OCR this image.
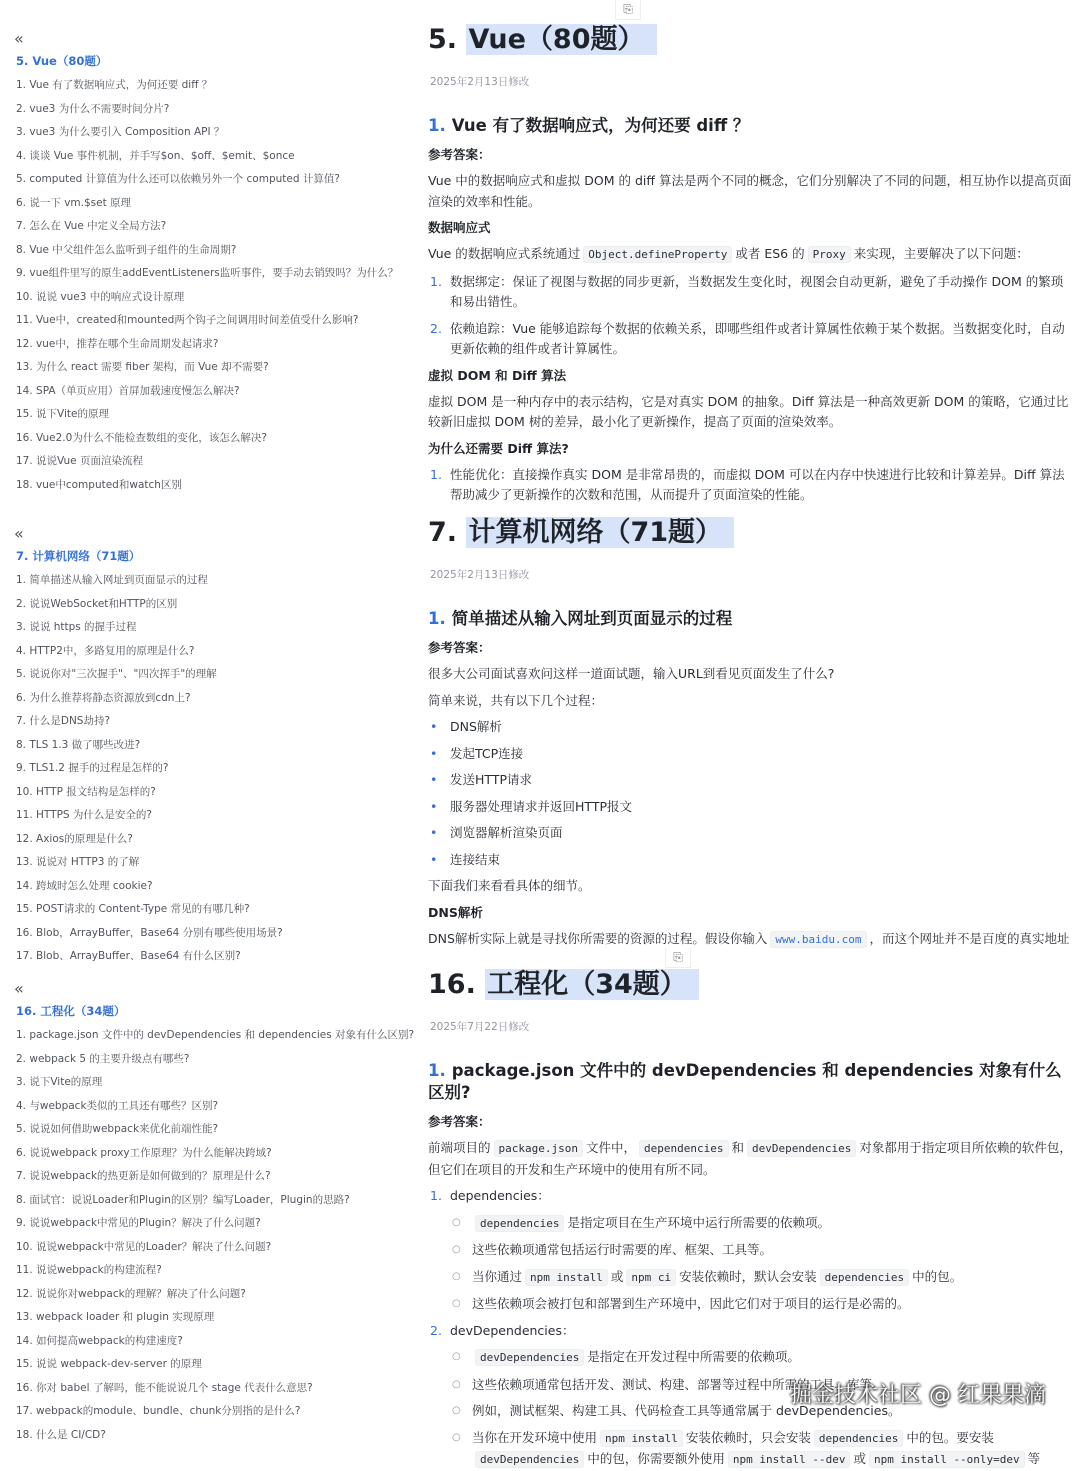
«
5. Vue（80题）
1. Vue 有了数据响应式，为何还要 diff ？
2. vue3 为什么不需要时间分片?
3. vue3 为什么要引入 Composition API ？
4. 谈谈 Vue 事件机制，并手写$on、$off、$emit、$once
5. computed 计算值为什么还可以依赖另外一个 computed 计算值?
6. 说一下 vm.$set 原理
7. 怎么在 Vue 中定义全局方法?
8. Vue 中父组件怎么监听到子组件的生命周期?
9. vue组件里写的原生addEventListeners监听事件，要手动去销毁吗？为什么？
10. 说说 vue3 中的响应式设计原理
11. Vue中，created和mounted两个钩子之间调用时间差值受什么影响?
12. vue中，推荐在哪个生命周期发起请求?
13. 为什么 react 需要 fiber 架构，而 Vue 却不需要?
14. SPA（单页应用）首屏加载速度慢怎么解决?
15. 说下Vite的原理
16. Vue2.0为什么不能检查数组的变化，该怎么解决?
17. 说说Vue 页面渲染流程
18. vue中computed和watch区别
«
7. 计算机网络（71题）
1. 简单描述从输入网址到页面显示的过程
2. 说说WebSocket和HTTP的区别
3. 说说 https 的握手过程
4. HTTP2中，多路复用的原理是什么?
5. 说说你对"三次握手"、"四次挥手"的理解
6. 为什么推荐将静态资源放到cdn上?
7. 什么是DNS劫持?
8. TLS 1.3 做了哪些改进?
9. TLS1.2 握手的过程是怎样的?
10. HTTP 报文结构是怎样的?
11. HTTPS 为什么是安全的?
12. Axios的原理是什么?
13. 说说对 HTTP3 的了解
14. 跨域时怎么处理 cookie?
15. POST请求的 Content-Type 常见的有哪几种?
16. Blob，ArrayBuffer，Base64 分别有哪些使用场景?
17. Blob、ArrayBuffer、Base64 有什么区别?
«
16. 工程化（34题）
1. package.json 文件中的 devDependencies 和 dependencies 对象有什么区别?
2. webpack 5 的主要升级点有哪些?
3. 说下Vite的原理
4. 与webpack类似的工具还有哪些？区别?
5. 说说如何借助webpack来优化前端性能?
6. 说说webpack proxy工作原理？为什么能解决跨域?
7. 说说webpack的热更新是如何做到的？原理是什么?
8. 面试官：说说Loader和Plugin的区别？编写Loader，Plugin的思路?
9. 说说webpack中常见的Plugin？解决了什么问题?
10. 说说webpack中常见的Loader？解决了什么问题?
11. 说说webpack的构建流程?
12. 说说你对webpack的理解？解决了什么问题?
13. webpack loader 和 plugin 实现原理
14. 如何提高webpack的构建速度?
15. 说说 webpack-dev-server 的原理
16. 你对 babel 了解吗，能不能说说几个 stage 代表什么意思?
17. webpack的module、bundle、chunk分别指的是什么?
18. 什么是 CI/CD?
⎘
⎘
5. Vue（80题）
2025年2月13日修改
1. Vue 有了数据响应式，为何还要 diff ？
参考答案：
Vue 中的数据响应式和虚拟 DOM 的 diff 算法是两个不同的概念，它们分别解决了不同的问题，相互协作以提高页面渲染的效率和性能。
数据响应式
Vue 的数据响应式系统通过 Object.defineProperty 或者 ES6 的 Proxy 来实现，主要解决了以下问题：
1. 数据绑定：保证了视图与数据的同步更新，当数据发生变化时，视图会自动更新，避免了手动操作 DOM 的繁琐和易出错性。
2. 依赖追踪：Vue 能够追踪每个数据的依赖关系，即哪些组件或者计算属性依赖于某个数据。当数据变化时，自动更新依赖的组件或者计算属性。
虚拟 DOM 和 Diff 算法
虚拟 DOM 是一种内存中的表示结构，它是对真实 DOM 的抽象。Diff 算法是一种高效更新 DOM 的策略，它通过比较新旧虚拟 DOM 树的差异，最小化了更新操作，提高了页面的渲染效率。
为什么还需要 Diff 算法?
1. 性能优化：直接操作真实 DOM 是非常昂贵的，而虚拟 DOM 可以在内存中快速进行比较和计算差异。Diff 算法帮助减少了更新操作的次数和范围，从而提升了页面渲染的性能。
7. 计算机网络（71题）
2025年2月13日修改
1. 简单描述从输入网址到页面显示的过程
参考答案：
很多大公司面试喜欢问这样一道面试题，输入URL到看见页面发生了什么?
简单来说，共有以下几个过程：
• DNS解析
• 发起TCP连接
• 发送HTTP请求
• 服务器处理请求并返回HTTP报文
• 浏览器解析渲染页面
• 连接结束
下面我们来看看具体的细节。
DNS解析
DNS解析实际上就是寻找你所需要的资源的过程。假设你输入 www.baidu.com ，而这个网址并不是百度的真实地址
16. 工程化（34题）
2025年7月22日修改
1. package.json 文件中的 devDependencies 和 dependencies 对象有什么区别?
参考答案：
前端项目的 package.json 文件中， dependencies 和 devDependencies 对象都用于指定项目所依赖的软件包，但它们在项目的开发和生产环境中的使用有所不同。
1. dependencies：
○ dependencies 是指定项目在生产环境中运行所需要的依赖项。
○ 这些依赖项通常包括运行时需要的库、框架、工具等。
○ 当你通过 npm install 或 npm ci 安装依赖时，默认会安装 dependencies 中的包。
○ 这些依赖项会被打包和部署到生产环境中，因此它们对于项目的运行是必需的。
2. devDependencies：
○ devDependencies 是指定在开发过程中所需要的依赖项。
○ 这些依赖项通常包括开发、测试、构建、部署等过程中所需的工具、库等。
○ 例如，测试框架、构建工具、代码检查工具等通常属于 devDependencies。
○ 当你在开发环境中使用 npm install 安装依赖时，只会安装 dependencies 中的包。要安装devDependencies 中的包，你需要额外使用 npm install --dev 或 npm install --only=dev 等
掘金技术社区 @ 红果果滴
